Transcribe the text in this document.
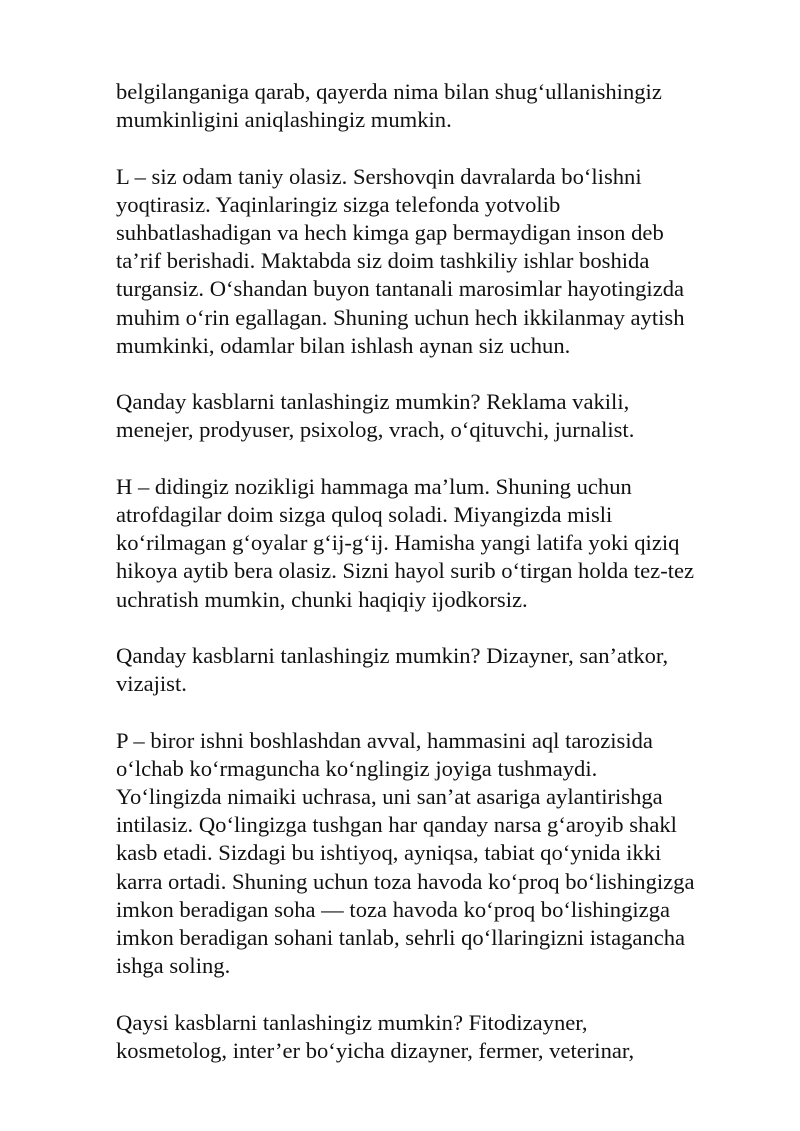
belgilanganiga qarab, qayerda nima bilan shug‘ullanishingiz
mumkinligini aniqlashingiz mumkin.
L – siz odam taniy olasiz. Sershovqin davralarda bo‘lishni
yoqtirasiz. Yaqinlaringiz sizga telefonda yotvolib
suhbatlashadigan va hech kimga gap bermaydigan inson deb
ta’rif berishadi. Maktabda siz doim tashkiliy ishlar boshida
turgansiz. O‘shandan buyon tantanali marosimlar hayotingizda
muhim o‘rin egallagan. Shuning uchun hech ikkilanmay aytish
mumkinki, odamlar bilan ishlash aynan siz uchun.
Qanday kasblarni tanlashingiz mumkin? Reklama vakili,
menejer, prodyuser, psixolog, vrach, o‘qituvchi, jurnalist.
H – didingiz nozikligi hammaga ma’lum. Shuning uchun
atrofdagilar doim sizga quloq soladi. Miyangizda misli
ko‘rilmagan g‘oyalar g‘ij-g‘ij. Hamisha yangi latifa yoki qiziq
hikoya aytib bera olasiz. Sizni hayol surib o‘tirgan holda tez-tez
uchratish mumkin, chunki haqiqiy ijodkorsiz.
Qanday kasblarni tanlashingiz mumkin? Dizayner, san’atkor,
vizajist.
P – biror ishni boshlashdan avval, hammasini aql tarozisida
o‘lchab ko‘rmaguncha ko‘nglingiz joyiga tushmaydi.
Yo‘lingizda nimaiki uchrasa, uni san’at asariga aylantirishga
intilasiz. Qo‘lingizga tushgan har qanday narsa g‘aroyib shakl
kasb etadi. Sizdagi bu ishtiyoq, ayniqsa, tabiat qo‘ynida ikki
karra ortadi. Shuning uchun toza havoda ko‘proq bo‘lishingizga
imkon beradigan soha — toza havoda ko‘proq bo‘lishingizga
imkon beradigan sohani tanlab, sehrli qo‘llaringizni istagancha
ishga soling.
Qaysi kasblarni tanlashingiz mumkin? Fitodizayner,
kosmetolog, inter’er bo‘yicha dizayner, fermer, veterinar,
